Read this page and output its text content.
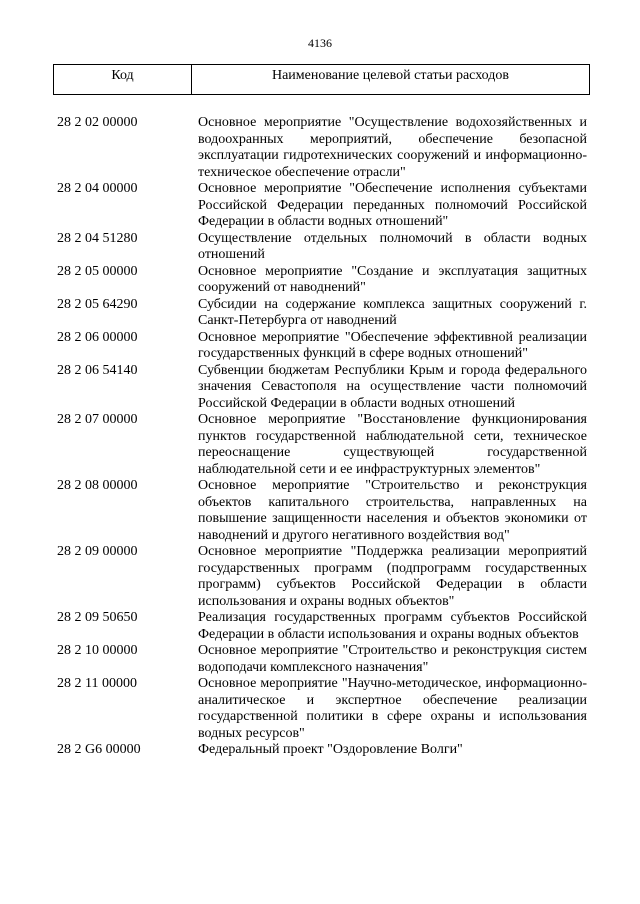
4136
Код	Наименование целевой статьи расходов
28 2 02 00000	Основное мероприятие "Осуществление водохозяйственных и водоохранных мероприятий, обеспечение безопасной эксплуатации гидротехнических сооружений и информационно-техническое обеспечение отрасли"
28 2 04 00000	Основное мероприятие "Обеспечение исполнения субъектами Российской Федерации переданных полномочий Российской Федерации в области водных отношений"
28 2 04 51280	Осуществление отдельных полномочий в области водных отношений
28 2 05 00000	Основное мероприятие "Создание и эксплуатация защитных сооружений от наводнений"
28 2 05 64290	Субсидии на содержание комплекса защитных сооружений г. Санкт-Петербурга от наводнений
28 2 06 00000	Основное мероприятие "Обеспечение эффективной реализации государственных функций в сфере водных отношений"
28 2 06 54140	Субвенции бюджетам Республики Крым и города федерального значения Севастополя на осуществление части полномочий Российской Федерации в области водных отношений
28 2 07 00000	Основное мероприятие "Восстановление функционирования пунктов государственной наблюдательной сети, техническое переоснащение существующей государственной наблюдательной сети и ее инфраструктурных элементов"
28 2 08 00000	Основное мероприятие "Строительство и реконструкция объектов капитального строительства, направленных на повышение защищенности населения и объектов экономики от наводнений и другого негативного воздействия вод"
28 2 09 00000	Основное мероприятие "Поддержка реализации мероприятий государственных программ (подпрограмм государственных программ) субъектов Российской Федерации в области использования и охраны водных объектов"
28 2 09 50650	Реализация государственных программ субъектов Российской Федерации в области использования и охраны водных объектов
28 2 10 00000	Основное мероприятие "Строительство и реконструкция систем водоподачи комплексного назначения"
28 2 11 00000	Основное мероприятие "Научно-методическое, информационно-аналитическое и экспертное обеспечение реализации государственной политики в сфере охраны и использования водных ресурсов"
28 2 G6 00000	Федеральный проект "Оздоровление Волги"
